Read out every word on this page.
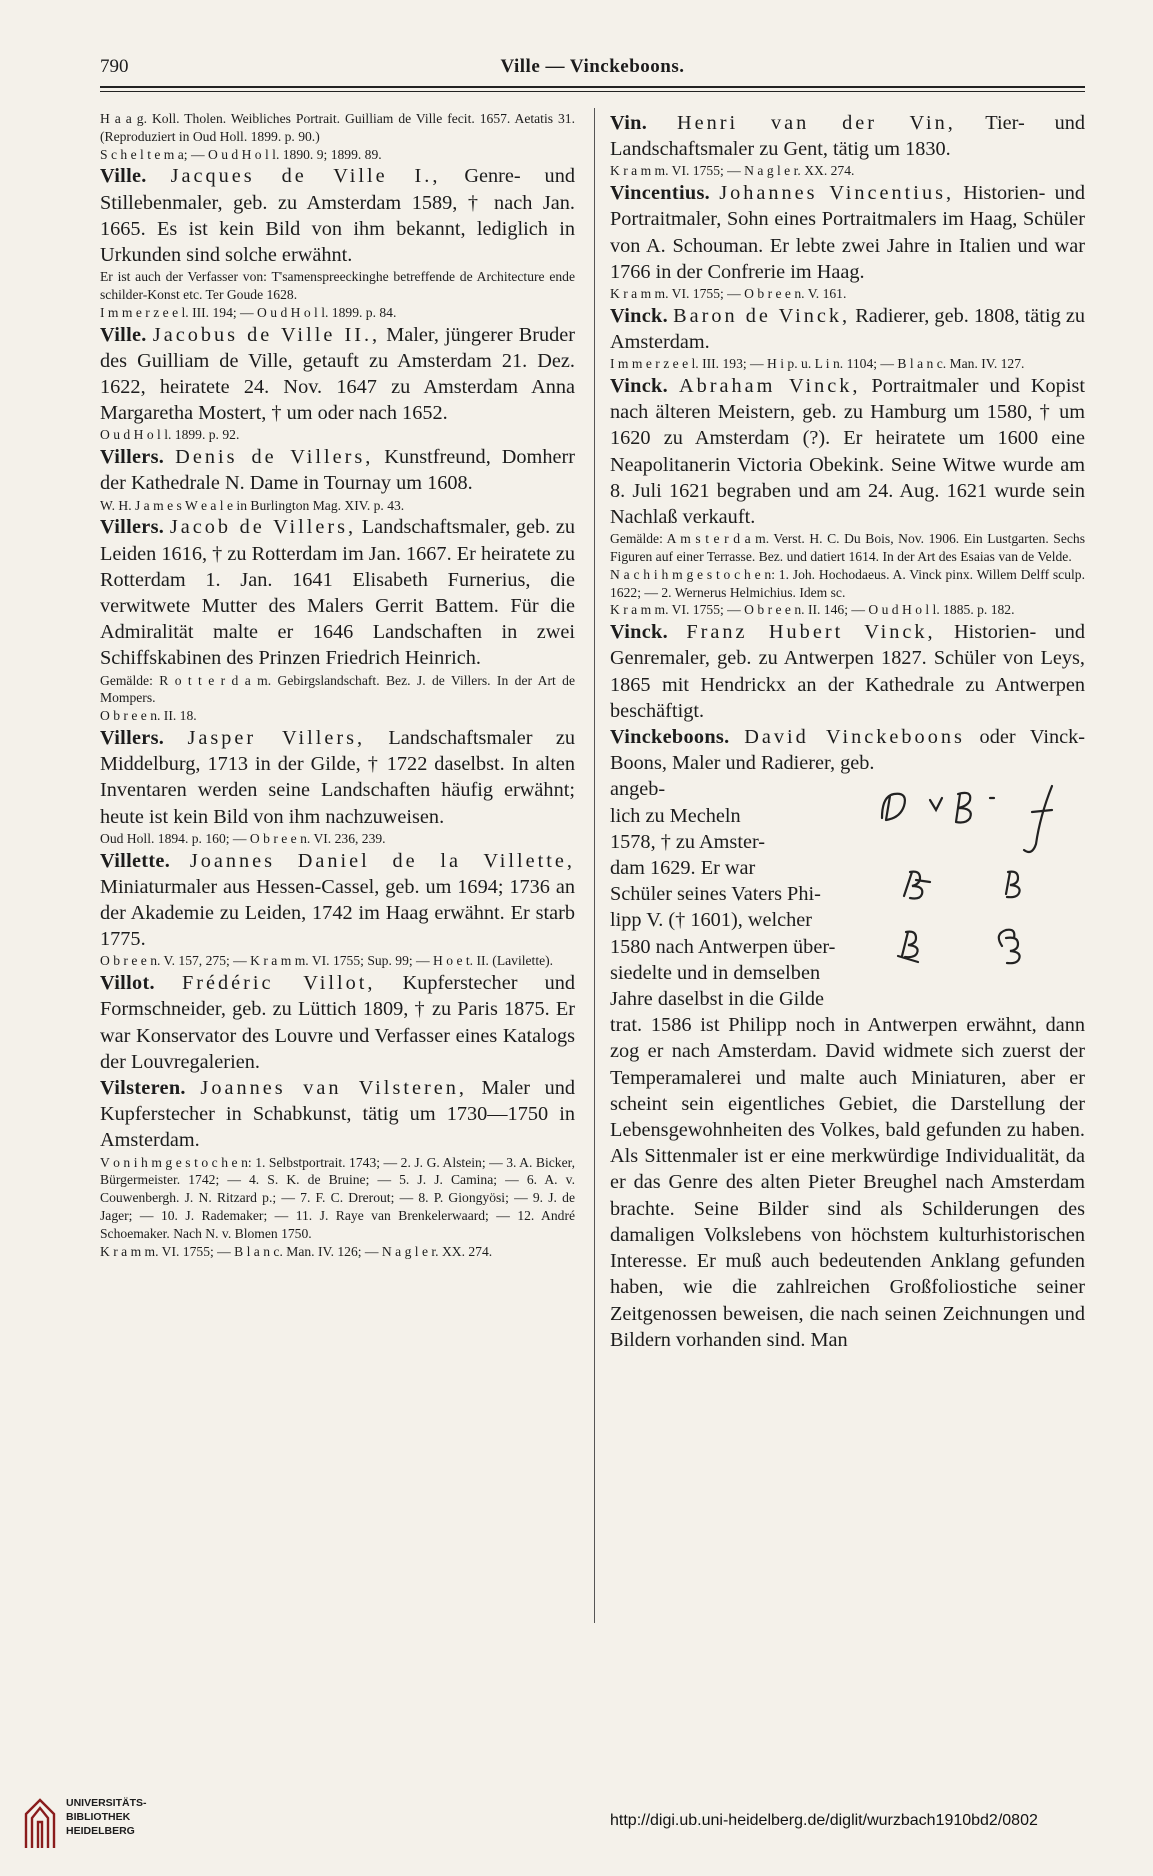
790	Ville — Vinckeboons.

H a a g. Koll. Tholen. Weibliches Portrait. Guilliam de Ville fecit. 1657. Aetatis 31. (Reproduziert in Oud Holl. 1899. p. 90.)

S c h e l t e m a; — O u d H o l l. 1890. 9; 1899. 89.

Ville. Jacques de Ville I., Genre- und Stillebenmaler, geb. zu Amsterdam 1589, † nach Jan. 1665. Es ist kein Bild von ihm bekannt, lediglich in Urkunden sind solche erwähnt.

Er ist auch der Verfasser von: T'samenspreeckinghe betreffende de Architecture ende schilder-Konst etc. Ter Goude 1628.

I m m e r z e e l. III. 194; — O u d H o l l. 1899. p. 84.

Ville. Jacobus de Ville II., Maler, jüngerer Bruder des Guilliam de Ville, getauft zu Amsterdam 21. Dez. 1622, heiratete 24. Nov. 1647 zu Amsterdam Anna Margaretha Mostert, † um oder nach 1652.

O u d H o l l. 1899. p. 92.

Villers. Denis de Villers, Kunstfreund, Domherr der Kathedrale N. Dame in Tournay um 1608.

W. H. J a m e s W e a l e in Burlington Mag. XIV. p. 43.

Villers. Jacob de Villers, Landschaftsmaler, geb. zu Leiden 1616, † zu Rotterdam im Jan. 1667. Er heiratete zu Rotterdam 1. Jan. 1641 Elisabeth Furnerius, die verwitwete Mutter des Malers Gerrit Battem. Für die Admiralität malte er 1646 Landschaften in zwei Schiffskabinen des Prinzen Friedrich Heinrich.

Gemälde: R o t t e r d a m. Gebirgslandschaft. Bez. J. de Villers. In der Art de Mompers.

O b r e e n. II. 18.

Villers. Jasper Villers, Landschaftsmaler zu Middelburg, 1713 in der Gilde, † 1722 daselbst. In alten Inventaren werden seine Landschaften häufig erwähnt; heute ist kein Bild von ihm nachzuweisen.

Oud Holl. 1894. p. 160; — O b r e e n. VI. 236, 239.

Villette. Joannes Daniel de la Villette, Miniaturmaler aus Hessen-Cassel, geb. um 1694; 1736 an der Akademie zu Leiden, 1742 im Haag erwähnt. Er starb 1775.

O b r e e n. V. 157, 275; — K r a m m. VI. 1755; Sup. 99; — H o e t. II. (Lavilette).

Villot. Frédéric Villot, Kupferstecher und Formschneider, geb. zu Lüttich 1809, † zu Paris 1875. Er war Konservator des Louvre und Verfasser eines Katalogs der Louvregalerien.

Vilsteren. Joannes van Vilsteren, Maler und Kupferstecher in Schabkunst, tätig um 1730—1750 in Amsterdam.

V o n i h m g e s t o c h e n: 1. Selbstportrait. 1743; — 2. J. G. Alstein; — 3. A. Bicker, Bürgermeister. 1742; — 4. S. K. de Bruine; — 5. J. J. Camina; — 6. A. v. Couwenbergh. J. N. Ritzard p.; — 7. F. C. Drerout; — 8. P. Giongyösi; — 9. J. de Jager; — 10. J. Rademaker; — 11. J. Raye van Brenkelerwaard; — 12. André Schoemaker. Nach N. v. Blomen 1750.

K r a m m. VI. 1755; — B l a n c. Man. IV. 126; — N a g l e r. XX. 274.

Vin. Henri van der Vin, Tier- und Landschaftsmaler zu Gent, tätig um 1830.

K r a m m. VI. 1755; — N a g l e r. XX. 274.

Vincentius. Johannes Vincentius, Historien- und Portraitmaler, Sohn eines Portraitmalers im Haag, Schüler von A. Schouman. Er lebte zwei Jahre in Italien und war 1766 in der Confrerie im Haag.

K r a m m. VI. 1755; — O b r e e n. V. 161.

Vinck. Baron de Vinck, Radierer, geb. 1808, tätig zu Amsterdam.

I m m e r z e e l. III. 193; — H i p. u. L i n. 1104; — B l a n c. Man. IV. 127.

Vinck. Abraham Vinck, Portraitmaler und Kopist nach älteren Meistern, geb. zu Hamburg um 1580, † um 1620 zu Amsterdam (?). Er heiratete um 1600 eine Neapolitanerin Victoria Obekink. Seine Witwe wurde am 8. Juli 1621 begraben und am 24. Aug. 1621 wurde sein Nachlaß verkauft.

Gemälde: A m s t e r d a m. Verst. H. C. Du Bois, Nov. 1906. Ein Lustgarten. Sechs Figuren auf einer Terrasse. Bez. und datiert 1614. In der Art des Esaias van de Velde.

N a c h i h m g e s t o c h e n: 1. Joh. Hochodaeus. A. Vinck pinx. Willem Delff sculp. 1622; — 2. Wernerus Helmichius. Idem sc.

K r a m m. VI. 1755; — O b r e e n. II. 146; — O u d H o l l. 1885. p. 182.

Vinck. Franz Hubert Vinck, Historien- und Genremaler, geb. zu Antwerpen 1827. Schüler von Leys, 1865 mit Hendrickx an der Kathedrale zu Antwerpen beschäftigt.

Vinckeboons. David Vinckeboons oder Vinck-Boons, Maler und Radierer, geb.

angeb-

lich zu Mecheln

1578, † zu Amster-

dam 1629. Er war

Schüler seines Vaters Phi-

lipp V. († 1601), welcher

1580 nach Antwerpen über-

siedelte und in demselben

Jahre daselbst in die Gilde

trat. 1586 ist Philipp noch in Antwerpen erwähnt, dann zog er nach Amsterdam. David widmete sich zuerst der Temperamalerei und malte auch Miniaturen, aber er scheint sein eigentliches Gebiet, die Darstellung der Lebensgewohnheiten des Volkes, bald gefunden zu haben. Als Sittenmaler ist er eine merkwürdige Individualität, da er das Genre des alten Pieter Breughel nach Amsterdam brachte. Seine Bilder sind als Schilderungen des damaligen Volkslebens von höchstem kulturhistorischen Interesse. Er muß auch bedeutenden Anklang gefunden haben, wie die zahlreichen Großfoliostiche seiner Zeitgenossen beweisen, die nach seinen Zeichnungen und Bildern vorhanden sind. Man

UNIVERSITÄTS-
BIBLIOTHEK
HEIDELBERG
http://digi.ub.uni-heidelberg.de/diglit/wurzbach1910bd2/0802
